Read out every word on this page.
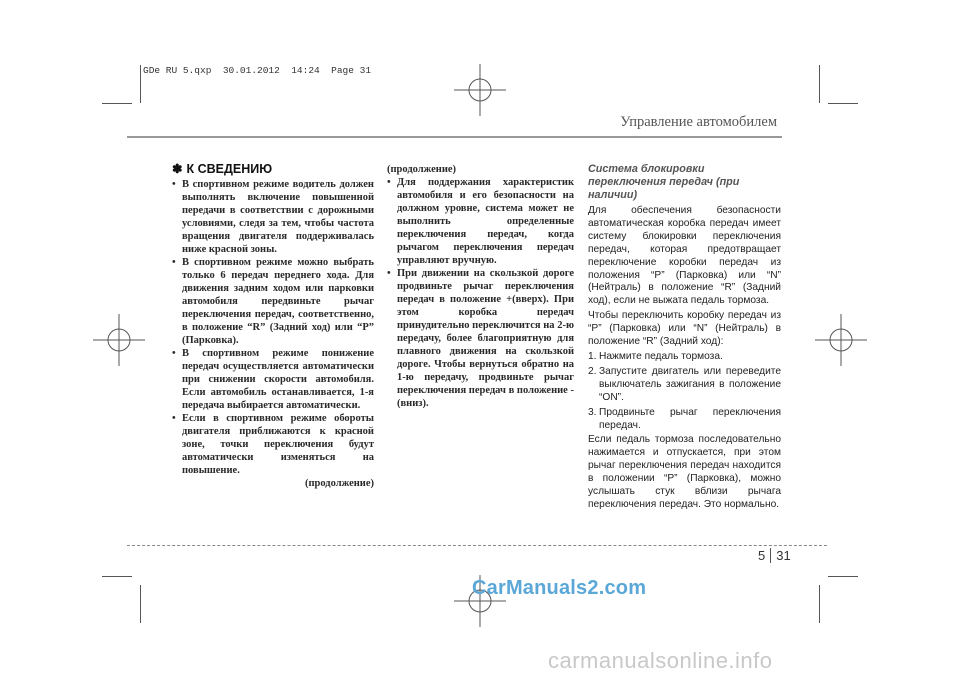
GDe RU 5.qxp  30.01.2012  14:24  Page 31
Управление автомобилем
✽ К СВЕДЕНИЮ
• В спортивном режиме водитель должен выполнять включение повышенной передачи в соответствии с дорожными условиями, следя за тем, чтобы частота вращения двигателя поддерживалась ниже красной зоны.
• В спортивном режиме можно выбрать только 6 передач переднего хода. Для движения задним ходом или парковки автомобиля передвиньте рычаг переключения передач, соответственно, в положение “R” (Задний ход) или “P” (Парковка).
• В спортивном режиме понижение передач осуществляется автоматически при снижении скорости автомобиля. Если автомобиль останавливается, 1-я передача выбирается автоматически.
• Если в спортивном режиме обороты двигателя приближаются к красной зоне, точки переключения будут автоматически изменяться на повышение.
(продолжение)
(продолжение)
• Для поддержания характеристик автомобиля и его безопасности на должном уровне, система может не выполнить определенные переключения передач, когда рычагом переключения передач управляют вручную.
• При движении на скользкой дороге продвиньте рычаг переключения передач в положение +(вверх). При этом коробка передач принудительно переключится на 2-ю передачу, более благоприятную для плавного движения на скользкой дороге. Чтобы вернуться обратно на 1-ю передачу, продвиньте рычаг переключения передач в положение -(вниз).
Система блокировки переключения передач (при наличии)

Для обеспечения безопасности автоматическая коробка передач имеет систему блокировки переключения передач, которая предотвращает переключение коробки передач из положения “P” (Парковка) или “N” (Нейтраль) в положение “R” (Задний ход), если не выжата педаль тормоза.

Чтобы переключить коробку передач из “P” (Парковка) или “N” (Нейтраль) в положение “R” (Задний ход):

1. Нажмите педаль тормоза.
2. Запустите двигатель или переведите выключатель зажигания в положение “ON”.
3. Продвиньте рычаг переключения передач.

Если педаль тормоза последовательно нажимается и отпускается, при этом рычаг переключения передач находится в положении “P” (Парковка), можно услышать стук вблизи рычага переключения передач. Это нормально.

5 31
CarManuals2.com
carmanualsonline.info
